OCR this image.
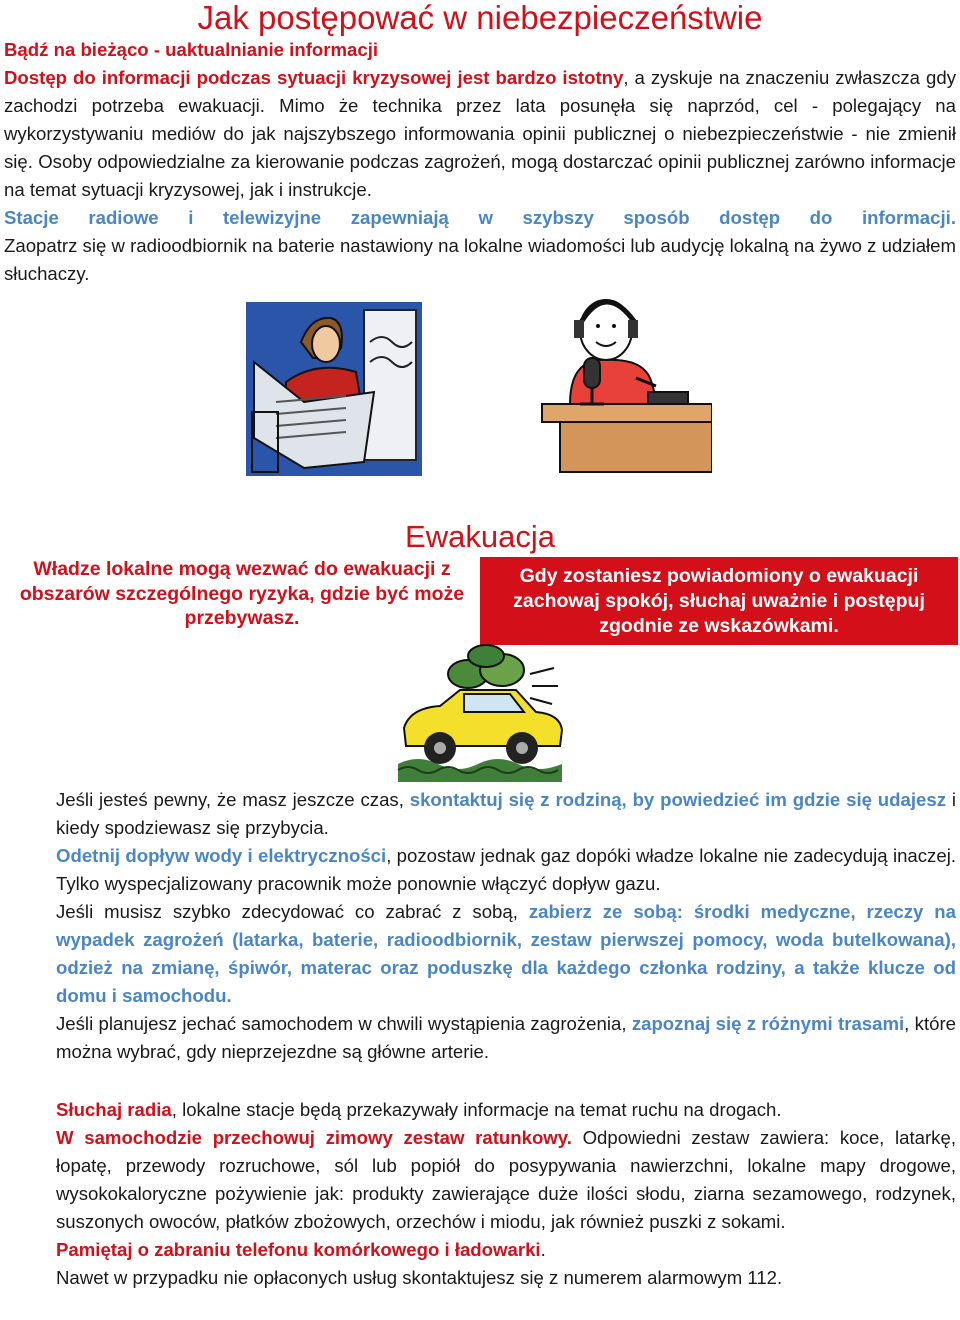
Jak postępować w niebezpieczeństwie
Bądź na bieżąco - uaktualnianie informacji
Dostęp do informacji podczas sytuacji kryzysowej jest bardzo istotny, a zyskuje na znaczeniu zwłaszcza gdy zachodzi potrzeba ewakuacji. Mimo że technika przez lata posunęła się naprzód, cel - polegający na wykorzystywaniu mediów do jak najszybszego informowania opinii publicznej o niebezpieczeństwie - nie zmienił się. Osoby odpowiedzialne za kierowanie podczas zagrożeń, mogą dostarczać opinii publicznej zarówno informacje na temat sytuacji kryzysowej, jak i instrukcje.
Stacje radiowe i telewizyjne zapewniają w szybszy sposób dostęp do informacji.
Zaopatrz się w radioodbiornik na baterie nastawiony na lokalne wiadomości lub audycję lokalną na żywo z udziałem słuchaczy.
Ewakuacja
Władze lokalne mogą wezwać do ewakuacji z obszarów szczególnego ryzyka, gdzie być może przebywasz.
Gdy zostaniesz powiadomiony o ewakuacji zachowaj spokój, słuchaj uważnie i postępuj zgodnie ze wskazówkami.
Jeśli jesteś pewny, że masz jeszcze czas, skontaktuj się z rodziną, by powiedzieć im gdzie się udajesz i kiedy spodziewasz się przybycia.
Odetnij dopływ wody i elektryczności, pozostaw jednak gaz dopóki władze lokalne nie zadecydują inaczej. Tylko wyspecjalizowany pracownik może ponownie włączyć dopływ gazu.
Jeśli musisz szybko zdecydować co zabrać z sobą, zabierz ze sobą: środki medyczne, rzeczy na wypadek zagrożeń (latarka, baterie, radioodbiornik, zestaw pierwszej pomocy, woda butelkowana), odzież na zmianę, śpiwór, materac oraz poduszkę dla każdego członka rodziny, a także klucze od domu i samochodu.
Jeśli planujesz jechać samochodem w chwili wystąpienia zagrożenia, zapoznaj się z różnymi trasami, które można wybrać, gdy nieprzejezdne są główne arterie.
Słuchaj radia, lokalne stacje będą przekazywały informacje na temat ruchu na drogach.
W samochodzie przechowuj zimowy zestaw ratunkowy. Odpowiedni zestaw zawiera: koce, latarkę, łopatę, przewody rozruchowe, sól lub popiół do posypywania nawierzchni, lokalne mapy drogowe, wysokokaloryczne pożywienie jak: produkty zawierające duże ilości słodu, ziarna sezamowego, rodzynek, suszonych owoców, płatków zbożowych, orzechów i miodu, jak również puszki z sokami.
Pamiętaj o zabraniu telefonu komórkowego i ładowarki.
Nawet w przypadku nie opłaconych usług skontaktujesz się z numerem alarmowym 112.
